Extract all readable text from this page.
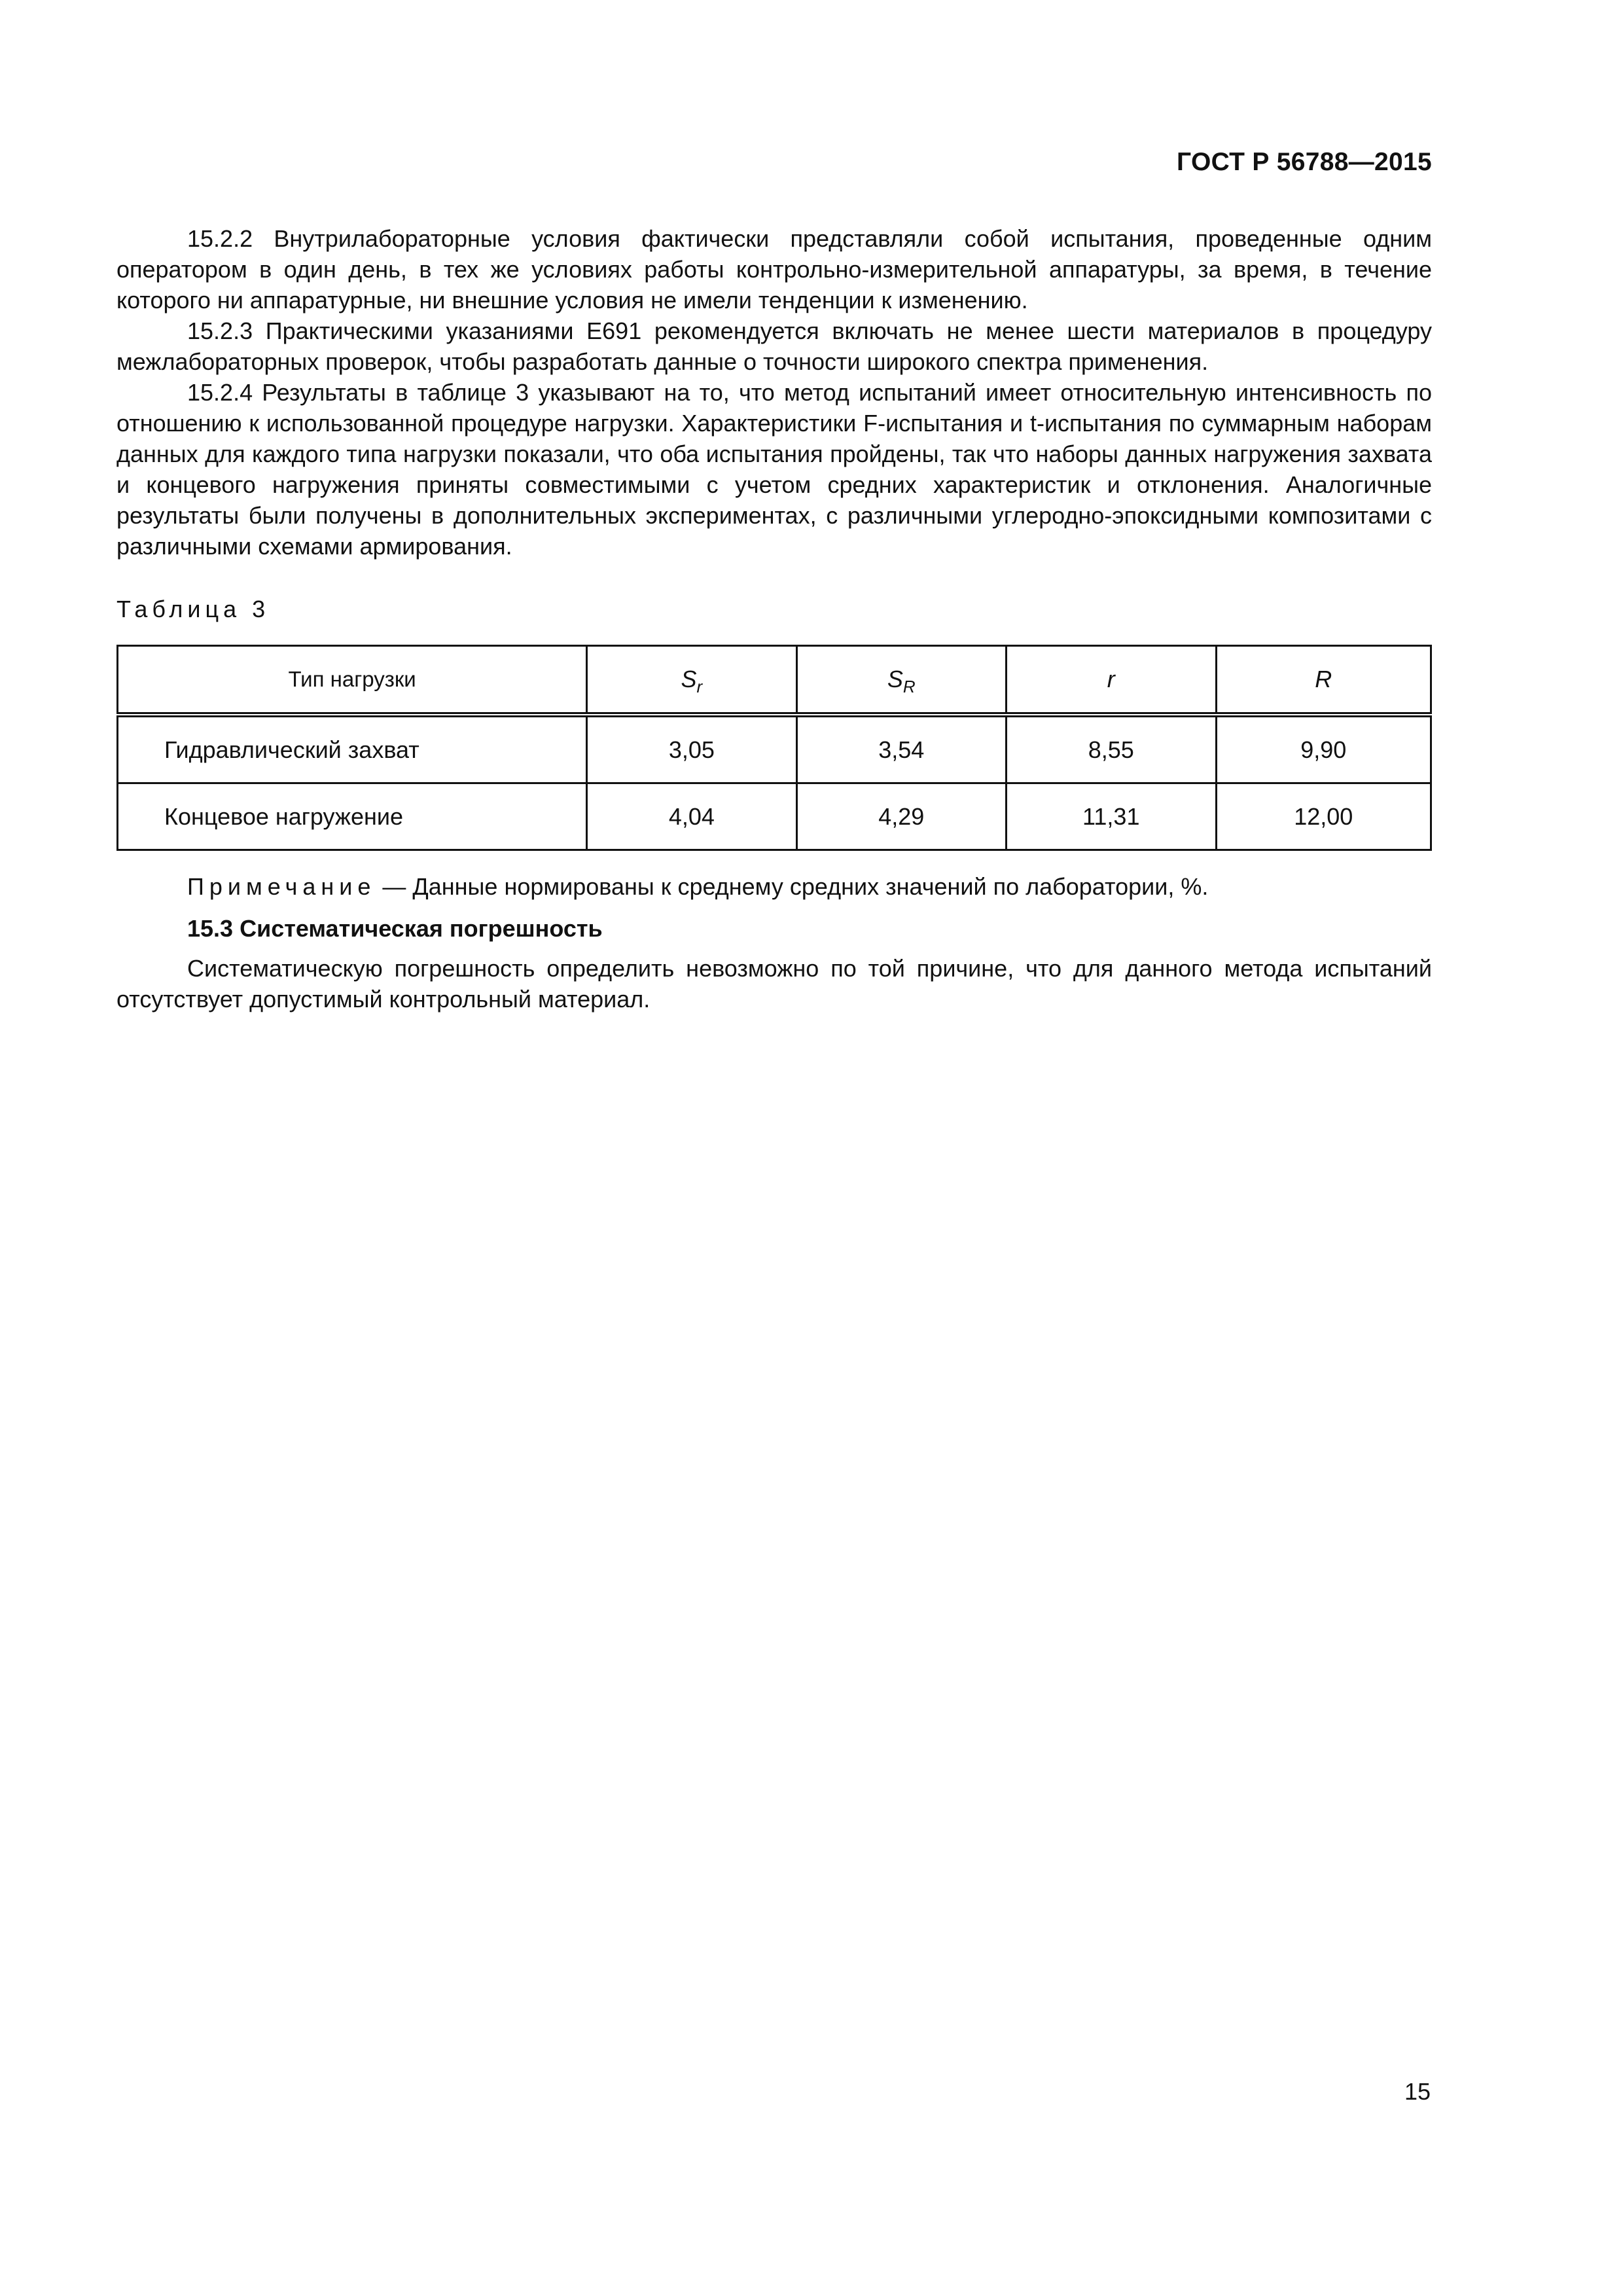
ГОСТ Р 56788—2015

15.2.2 Внутрилабораторные условия фактически представляли собой испытания, проведенные одним оператором в один день, в тех же условиях работы контрольно-измерительной аппаратуры, за время, в течение которого ни аппаратурные, ни внешние условия не имели тенденции к изменению.

15.2.3 Практическими указаниями E691 рекомендуется включать не менее шести материалов в процедуру межлабораторных проверок, чтобы разработать данные о точности широкого спектра применения.

15.2.4 Результаты в таблице 3 указывают на то, что метод испытаний имеет относительную интенсивность по отношению к использованной процедуре нагрузки. Характеристики F-испытания и t-испытания по суммарным наборам данных для каждого типа нагрузки показали, что оба испытания пройдены, так что наборы данных нагружения захвата и концевого нагружения приняты совместимыми с учетом средних характеристик и отклонения. Аналогичные результаты были получены в дополнительных экспериментах, с различными углеродно-эпоксидными композитами с различными схемами армирования.

Таблица 3
Тип нагрузки	$S_r$	$S_R$	r	R
Гидравлический захват	3,05	3,54	8,55	9,90
Концевое нагружение	4,04	4,29	11,31	12,00
Примечание — Данные нормированы к среднему средних значений по лаборатории, %.
15.3 Систематическая погрешность

Систематическую погрешность определить невозможно по той причине, что для данного метода испытаний отсутствует допустимый контрольный материал.

15
